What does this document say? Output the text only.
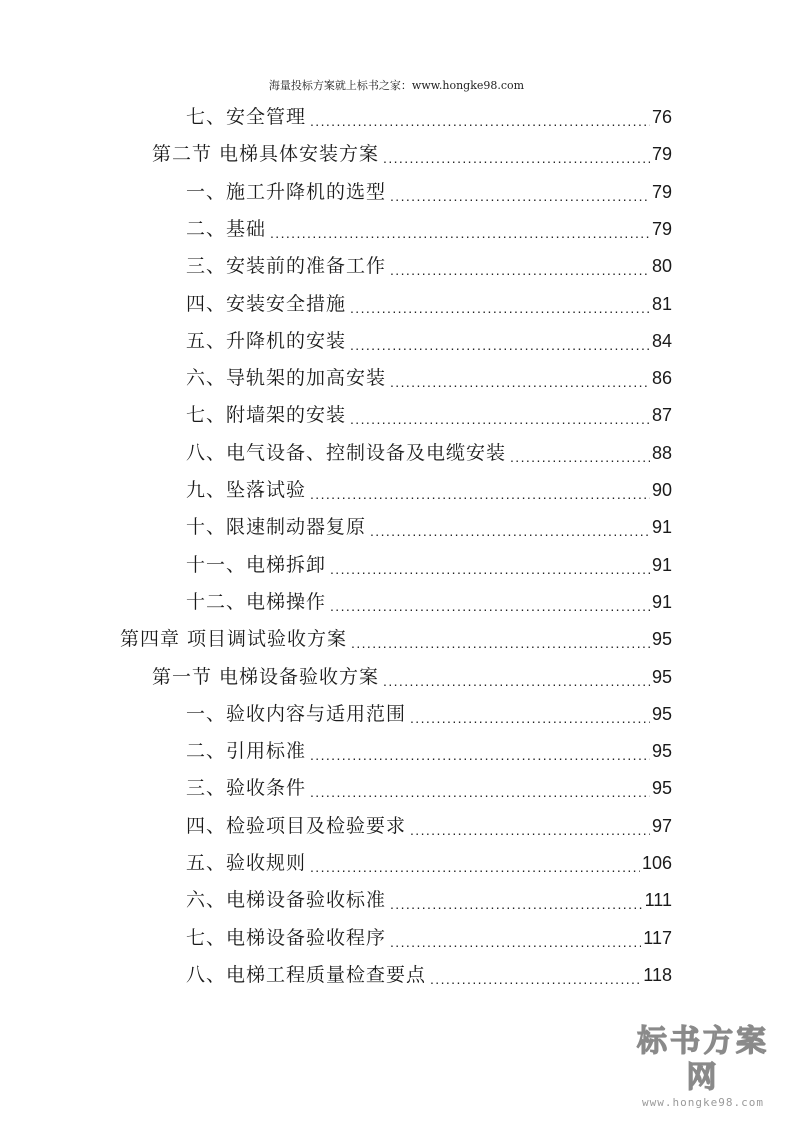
海量投标方案就上标书之家：www.hongke98.com
七、安全管理 .....	76
第二节 电梯具体安装方案 .....	79
一、施工升降机的选型 .....	79
二、基础 .....	79
三、安装前的准备工作 .....	80
四、安装安全措施 .....	81
五、升降机的安装 .....	84
六、导轨架的加高安装 .....	86
七、附墙架的安装 .....	87
八、电气设备、控制设备及电缆安装 .....	88
九、坠落试验 .....	90
十、限速制动器复原 .....	91
十一、电梯拆卸 .....	91
十二、电梯操作 .....	91
第四章 项目调试验收方案 .....	95
第一节 电梯设备验收方案 .....	95
一、验收内容与适用范围 .....	95
二、引用标准 .....	95
三、验收条件 .....	95
四、检验项目及检验要求 .....	97
五、验收规则 .....	106
六、电梯设备验收标准 .....	111
七、电梯设备验收程序 .....	117
八、电梯工程质量检查要点 .....	118
标书方案网
www.hongke98.com
